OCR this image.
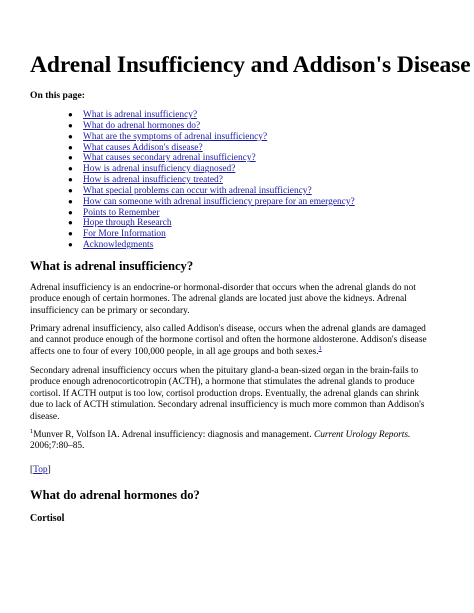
Adrenal Insufficiency and Addison's Disease
On this page:
● What is adrenal insufficiency?
● What do adrenal hormones do?
● What are the symptoms of adrenal insufficiency?
● What causes Addison's disease?
● What causes secondary adrenal insufficiency?
● How is adrenal insufficiency diagnosed?
● How is adrenal insufficiency treated?
● What special problems can occur with adrenal insufficiency?
● How can someone with adrenal insufficiency prepare for an emergency?
● Points to Remember
● Hope through Research
● For More Information
● Acknowledgments
What is adrenal insufficiency?

Adrenal insufficiency is an endocrine-or hormonal-disorder that occurs when the adrenal glands do not produce enough of certain hormones. The adrenal glands are located just above the kidneys. Adrenal insufficiency can be primary or secondary.

Primary adrenal insufficiency, also called Addison's disease, occurs when the adrenal glands are damaged and cannot produce enough of the hormone cortisol and often the hormone aldosterone. Addison's disease affects one to four of every 100,000 people, in all age groups and both sexes.$^1$

Secondary adrenal insufficiency occurs when the pituitary gland-a bean-sized organ in the brain-fails to produce enough adrenocorticotropin (ACTH), a hormone that stimulates the adrenal glands to produce cortisol. If ACTH output is too low, cortisol production drops. Eventually, the adrenal glands can shrink due to lack of ACTH stimulation. Secondary adrenal insufficiency is much more common than Addison's disease.

$^1$Munver R, Volfson IA. Adrenal insufficiency: diagnosis and management. Current Urology Reports. 2006;7:80–85.

[Top]

What do adrenal hormones do?
Cortisol
